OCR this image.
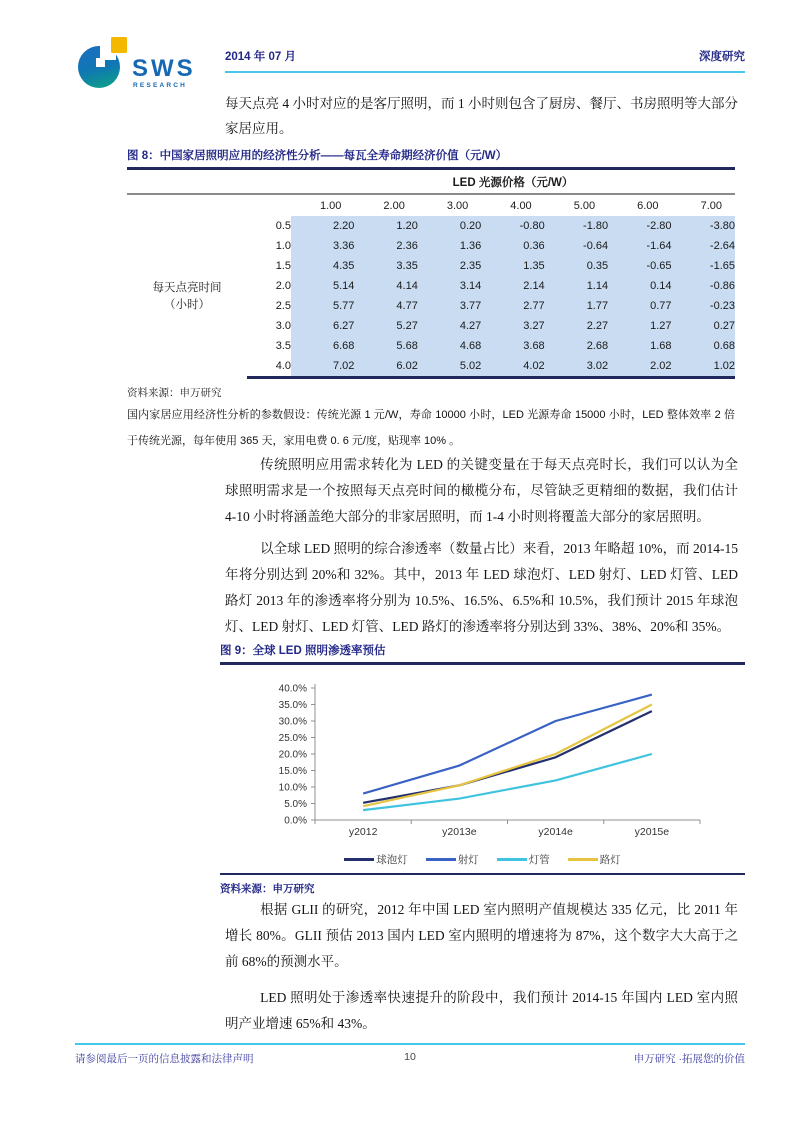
SWS
RESEARCH
2014 年 07 月	深度研究
每天点亮 4 小时对应的是客厅照明，而 1 小时则包含了厨房、餐厅、书房照明等大部分家居应用。
图 8：中国家居照明应用的经济性分析——每瓦全寿命期经济价值（元/W）
		LED 光源价格（元/W）						
		1.00	2.00	3.00	4.00	5.00	6.00	7.00

每天点亮时间
（小时）	0.5	2.20	1.20	0.20	-0.80	-1.80	-2.80	-3.80
	1.0	3.36	2.36	1.36	0.36	-0.64	-1.64	-2.64
	1.5	4.35	3.35	2.35	1.35	0.35	-0.65	-1.65
	2.0	5.14	4.14	3.14	2.14	1.14	0.14	-0.86
	2.5	5.77	4.77	3.77	2.77	1.77	0.77	-0.23
	3.0	6.27	5.27	4.27	3.27	2.27	1.27	0.27
	3.5	6.68	5.68	4.68	3.68	2.68	1.68	0.68
	4.0	7.02	6.02	5.02	4.02	3.02	2.02	1.02
资料来源：申万研究
国内家居应用经济性分析的参数假设：传统光源 1 元/W，寿命 10000 小时，LED 光源寿命 15000 小时，LED 整体效率 2 倍于传统光源，每年使用 365 天，家用电费 0. 6 元/度，贴现率 10% 。
传统照明应用需求转化为 LED 的关键变量在于每天点亮时长，我们可以认为全球照明需求是一个按照每天点亮时间的橄榄分布，尽管缺乏更精细的数据，我们估计 4-10 小时将涵盖绝大部分的非家居照明，而 1-4 小时则将覆盖大部分的家居照明。
以全球 LED 照明的综合渗透率（数量占比）来看，2013 年略超 10%，而 2014-15 年将分别达到 20%和 32%。其中，2013 年 LED 球泡灯、LED 射灯、LED 灯管、LED 路灯 2013 年的渗透率将分别为 10.5%、16.5%、6.5%和 10.5%，我们预计 2015 年球泡灯、LED 射灯、LED 灯管、LED 路灯的渗透率将分别达到 33%、38%、20%和 35%。
图 9：全球 LED 照明渗透率预估
0.0%
5.0%
10.0%
15.0%
20.0%
25.0%
30.0%
35.0%
40.0%
y2012	y2013e	y2014e	y2015e
球泡灯	射灯	灯管	路灯
资料来源：申万研究
根据 GLII 的研究，2012 年中国 LED 室内照明产值规模达 335 亿元，比 2011 年增长 80%。GLII 预估 2013 国内 LED 室内照明的增速将为 87%，这个数字大大高于之前 68%的预测水平。
LED 照明处于渗透率快速提升的阶段中，我们预计 2014-15 年国内 LED 室内照明产业增速 65%和 43%。
请参阅最后一页的信息披露和法律声明	10	申万研究 ·拓展您的价值
